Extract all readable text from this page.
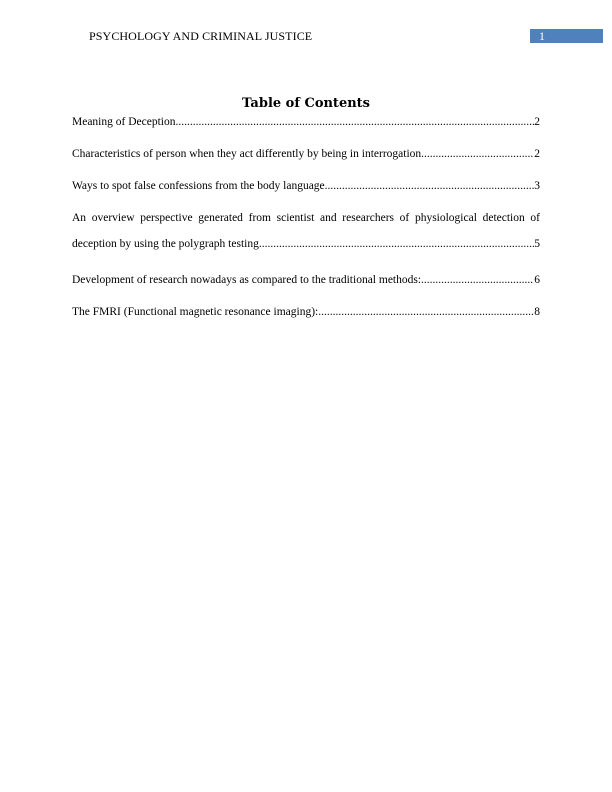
PSYCHOLOGY AND CRIMINAL JUSTICE	1
Table of Contents
Meaning of Deception .....	2
Characteristics of person when they act differently by being in interrogation .....	2
Ways to spot false confessions from the body language .....	3
An overview perspective generated from scientist and researchers of physiological detection of
deception by using the polygraph testing .....	5
Development of research nowadays as compared to the traditional methods: .....	6
The FMRI (Functional magnetic resonance imaging): .....	8
